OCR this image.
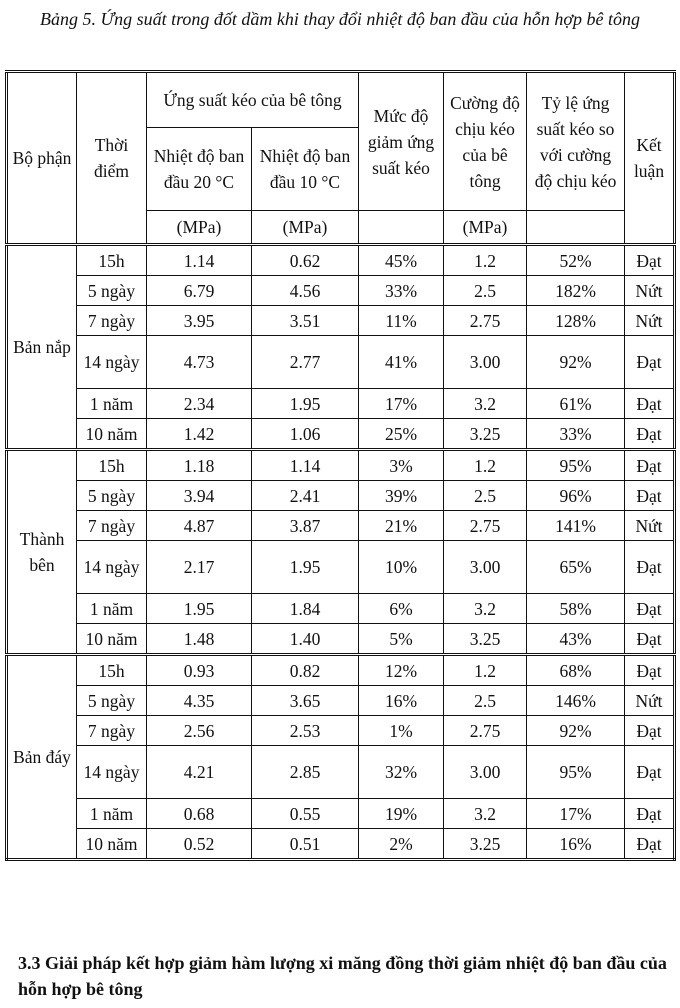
Bảng 5. Ứng suất trong đốt dầm khi thay đổi nhiệt độ ban đầu của hỗn hợp bê tông
Bộ phận	Thời điểm	Ứng suất kéo của bê tông		Mức độ giảm ứng suất kéo	Cường độ chịu kéo của bê tông	Tỷ lệ ứng suất kéo so với cường độ chịu kéo	Kết luận
		Nhiệt độ ban đầu 20 °C	Nhiệt độ ban đầu 10 °C				
		(MPa)	(MPa)		(MPa)		
Bản nắp	15h	1.14	0.62	45%	1.2	52%	Đạt
	5 ngày	6.79	4.56	33%	2.5	182%	Nứt
	7 ngày	3.95	3.51	11%	2.75	128%	Nứt
	14 ngày	4.73	2.77	41%	3.00	92%	Đạt
	1 năm	2.34	1.95	17%	3.2	61%	Đạt
	10 năm	1.42	1.06	25%	3.25	33%	Đạt
Thành bên	15h	1.18	1.14	3%	1.2	95%	Đạt
	5 ngày	3.94	2.41	39%	2.5	96%	Đạt
	7 ngày	4.87	3.87	21%	2.75	141%	Nứt
	14 ngày	2.17	1.95	10%	3.00	65%	Đạt
	1 năm	1.95	1.84	6%	3.2	58%	Đạt
	10 năm	1.48	1.40	5%	3.25	43%	Đạt
Bản đáy	15h	0.93	0.82	12%	1.2	68%	Đạt
	5 ngày	4.35	3.65	16%	2.5	146%	Nứt
	7 ngày	2.56	2.53	1%	2.75	92%	Đạt
	14 ngày	4.21	2.85	32%	3.00	95%	Đạt
	1 năm	0.68	0.55	19%	3.2	17%	Đạt
	10 năm	0.52	0.51	2%	3.25	16%	Đạt
3.3 Giải pháp kết hợp giảm hàm lượng xi măng đồng thời giảm nhiệt độ ban đầu của hỗn hợp bê tông
